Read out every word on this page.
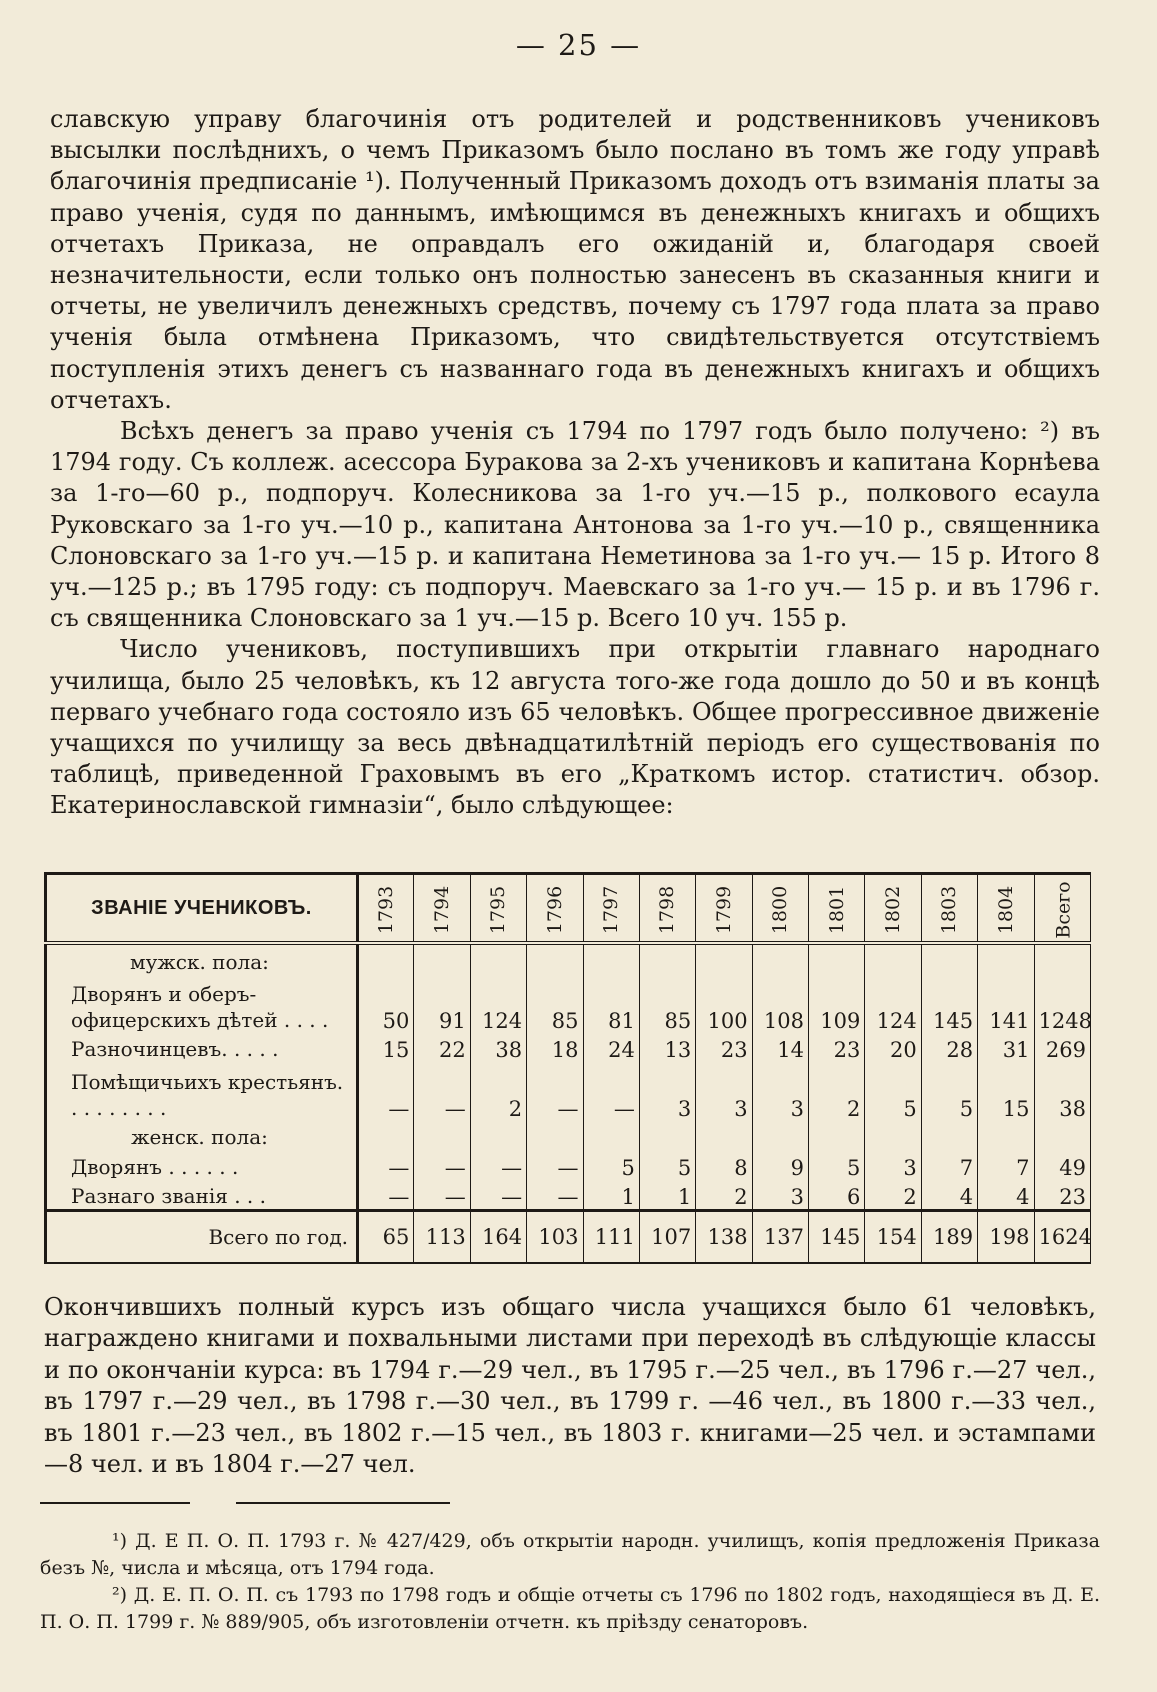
— 25 —

славскую управу благочинія отъ родителей и родственниковъ учениковъ высылки послѣднихъ, о чемъ Приказомъ было послано въ томъ же году управѣ благочинія предписаніе ¹). Полученный Приказомъ доходъ отъ взиманія платы за право ученія, судя по даннымъ, имѣющимся въ денежныхъ книгахъ и общихъ отчетахъ Приказа, не оправдалъ его ожиданій и, благодаря своей незначительности, если только онъ полностью занесенъ въ сказанныя книги и отчеты, не увеличилъ денежныхъ средствъ, почему съ 1797 года плата за право ученія была отмѣнена Приказомъ, что свидѣтельствуется отсутствіемъ поступленія этихъ денегъ съ названнаго года въ денежныхъ книгахъ и общихъ отчетахъ.

Всѣхъ денегъ за право ученія съ 1794 по 1797 годъ было получено: ²) въ 1794 году. Съ коллеж. асессора Буракова за 2-хъ учениковъ и капитана Корнѣева за 1-го—60 р., подпоруч. Колесникова за 1-го уч.—15 р., полкового есаула Руковскаго за 1-го уч.—10 р., капитана Антонова за 1-го уч.—10 р., священника Слоновскаго за 1-го уч.—15 р. и капитана Неметинова за 1-го уч.— 15 р. Итого 8 уч.—125 р.; въ 1795 году: съ подпоруч. Маевскаго за 1-го уч.— 15 р. и въ 1796 г. съ священника Слоновскаго за 1 уч.—15 р. Всего 10 уч. 155 р.

Число учениковъ, поступившихъ при открытіи главнаго народнаго училища, было 25 человѣкъ, къ 12 августа того-же года дошло до 50 и въ концѣ перваго учебнаго года состояло изъ 65 человѣкъ. Общее прогрессивное движеніе учащихся по училищу за весь двѣнадцатилѣтній періодъ его существованія по таблицѣ, приведенной Граховымъ въ его „Краткомъ истор. статистич. обзор. Екатеринославской гимназіи“, было слѣдующее:

ЗВАНІЕ УЧЕНИКОВЪ.	1793	1794	1795	1796	1797	1798	1799	1800	1801	1802	1803	1804	Всего
мужск. пола:													
Дворянъ и оберъ-офицерскихъ дѣтей . . . .	50	91	124	85	81	85	100	108	109	124	145	141	1248
Разночинцевъ. . . . .	15	22	38	18	24	13	23	14	23	20	28	31	269
Помѣщичьихъ крестьянъ. . . . . . . . .	—	—	2	—	—	3	3	3	2	5	5	15	38
женск. пола:													
Дворянъ . . . . . .	—	—	—	—	5	5	8	9	5	3	7	7	49
Разнаго званія . . .	—	—	—	—	1	1	2	3	6	2	4	4	23
Всего по год.	65	113	164	103	111	107	138	137	145	154	189	198	1624

Окончившихъ полный курсъ изъ общаго числа учащихся было 61 человѣкъ, награждено книгами и похвальными листами при переходѣ въ слѣдующіе классы и по окончаніи курса: въ 1794 г.—29 чел., въ 1795 г.—25 чел., въ 1796 г.—27 чел., въ 1797 г.—29 чел., въ 1798 г.—30 чел., въ 1799 г. —46 чел., въ 1800 г.—33 чел., въ 1801 г.—23 чел., въ 1802 г.—15 чел., въ 1803 г. книгами—25 чел. и эстампами—8 чел. и въ 1804 г.—27 чел.

¹) Д. Е П. О. П. 1793 г. № 427/429, объ открытіи народн. училищъ, копія предложенія Приказа безъ №, числа и мѣсяца, отъ 1794 года.

²) Д. Е. П. О. П. съ 1793 по 1798 годъ и общіе отчеты съ 1796 по 1802 годъ, находящіеся въ Д. Е. П. О. П. 1799 г. № 889/905, объ изготовленіи отчетн. къ пріѣзду сенаторовъ.
